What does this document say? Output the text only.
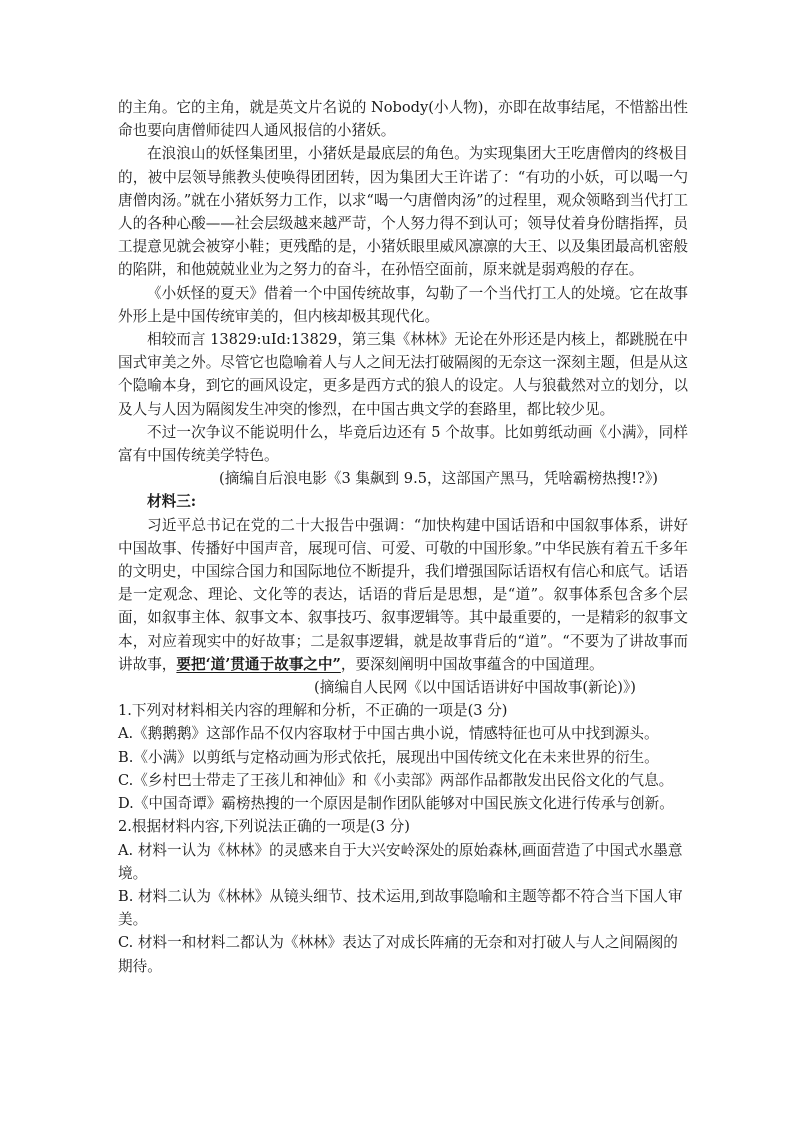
的主角。它的主角，就是英文片名说的 Nobody(小人物)，亦即在故事结尾，不惜豁出性命也要向唐僧师徒四人通风报信的小猪妖。

在浪浪山的妖怪集团里，小猪妖是最底层的角色。为实现集团大王吃唐僧肉的终极目的，被中层领导熊教头使唤得团团转，因为集团大王许诺了：“有功的小妖，可以喝一勺唐僧肉汤。”就在小猪妖努力工作，以求“喝一勺唐僧肉汤”的过程里，观众领略到当代打工人的各种心酸——社会层级越来越严苛，个人努力得不到认可；领导仗着身份瞎指挥，员工提意见就会被穿小鞋；更残酷的是，小猪妖眼里威风凛凛的大王、以及集团最高机密般的陷阱，和他兢兢业业为之努力的奋斗，在孙悟空面前，原来就是弱鸡般的存在。

《小妖怪的夏天》借着一个中国传统故事，勾勒了一个当代打工人的处境。它在故事外形上是中国传统审美的，但内核却极其现代化。

相较而言 13829:uId:13829，第三集《林林》无论在外形还是内核上，都跳脱在中国式审美之外。尽管它也隐喻着人与人之间无法打破隔阂的无奈这一深刻主题，但是从这个隐喻本身，到它的画风设定，更多是西方式的狼人的设定。人与狼截然对立的划分，以及人与人因为隔阂发生冲突的惨烈，在中国古典文学的套路里，都比较少见。

不过一次争议不能说明什么，毕竟后边还有 5 个故事。比如剪纸动画《小满》，同样富有中国传统美学特色。

(摘编自后浪电影《3 集飙到 9.5，这部国产黑马，凭啥霸榜热搜!?》)

材料三:

习近平总书记在党的二十大报告中强调：“加快构建中国话语和中国叙事体系，讲好中国故事、传播好中国声音，展现可信、可爱、可敬的中国形象。”中华民族有着五千多年的文明史，中国综合国力和国际地位不断提升，我们增强国际话语权有信心和底气。话语是一定观念、理论、文化等的表达，话语的背后是思想，是“道”。叙事体系包含多个层面，如叙事主体、叙事文本、叙事技巧、叙事逻辑等。其中最重要的，一是精彩的叙事文本，对应着现实中的好故事；二是叙事逻辑，就是故事背后的“道”。“不要为了讲故事而讲故事，要把‘道’贯通于故事之中”，要深刻阐明中国故事蕴含的中国道理。

(摘编自人民网《以中国话语讲好中国故事(新论)》)

1.下列对材料相关内容的理解和分析，不正确的一项是(3 分)

A.《鹅鹅鹅》这部作品不仅内容取材于中国古典小说，情感特征也可从中找到源头。

B.《小满》以剪纸与定格动画为形式依托，展现出中国传统文化在未来世界的衍生。

C.《乡村巴士带走了王孩儿和神仙》和《小卖部》两部作品都散发出民俗文化的气息。

D.《中国奇谭》霸榜热搜的一个原因是制作团队能够对中国民族文化进行传承与创新。

2.根据材料内容,下列说法正确的一项是(3 分)

A. 材料一认为《林林》的灵感来自于大兴安岭深处的原始森林,画面营造了中国式水墨意境。

B. 材料二认为《林林》从镜头细节、技术运用,到故事隐喻和主题等都不符合当下国人审美。

C. 材料一和材料二都认为《林林》表达了对成长阵痛的无奈和对打破人与人之间隔阂的期待。
